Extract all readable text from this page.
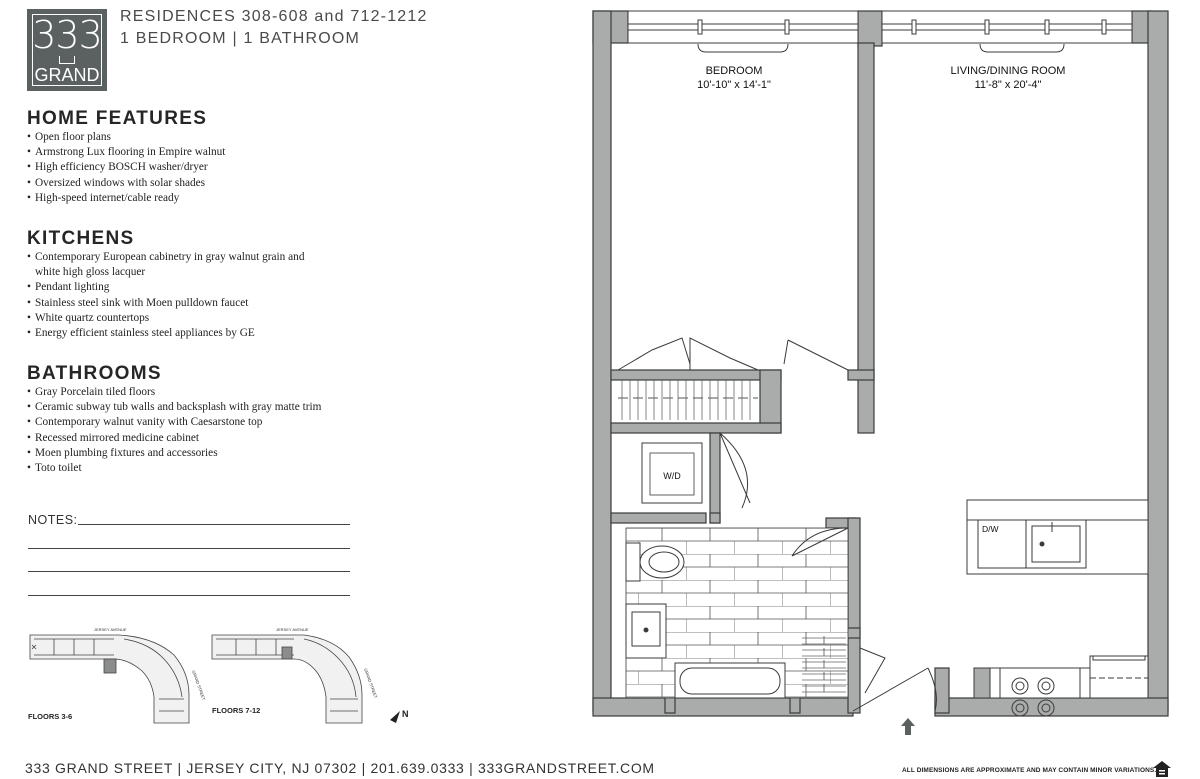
333
GRAND
RESIDENCES 308-608 and 712-1212
1 BEDROOM | 1 BATHROOM
HOME FEATURES
• Open floor plans
• Armstrong Lux flooring in Empire walnut
• High efficiency BOSCH washer/dryer
• Oversized windows with solar shades
• High-speed internet/cable ready
KITCHENS
• Contemporary European cabinetry in gray walnut grain and white high gloss lacquer
• Pendant lighting
• Stainless steel sink with Moen pulldown faucet
• White quartz countertops
• Energy efficient stainless steel appliances by GE
BATHROOMS
• Gray Porcelain tiled floors
• Ceramic subway tub walls and backsplash with gray matte trim
• Contemporary walnut vanity with Caesarstone top
• Recessed mirrored medicine cabinet
• Moen plumbing fixtures and accessories
• Toto toilet
NOTES:
JERSEY AVENUE
GRAND STREET
FLOORS 3-6
JERSEY AVENUE
GRAND STREET
FLOORS 7-12	N
W/D
D/W
BEDROOM
10'-10" x 14'-1"
LIVING/DINING ROOM
11'-8" x 20'-4"
333 GRAND STREET | JERSEY CITY, NJ 07302 | 201.639.0333 | 333GRANDSTREET.COM	ALL DIMENSIONS ARE APPROXIMATE AND MAY CONTAIN MINOR VARIATIONS.
